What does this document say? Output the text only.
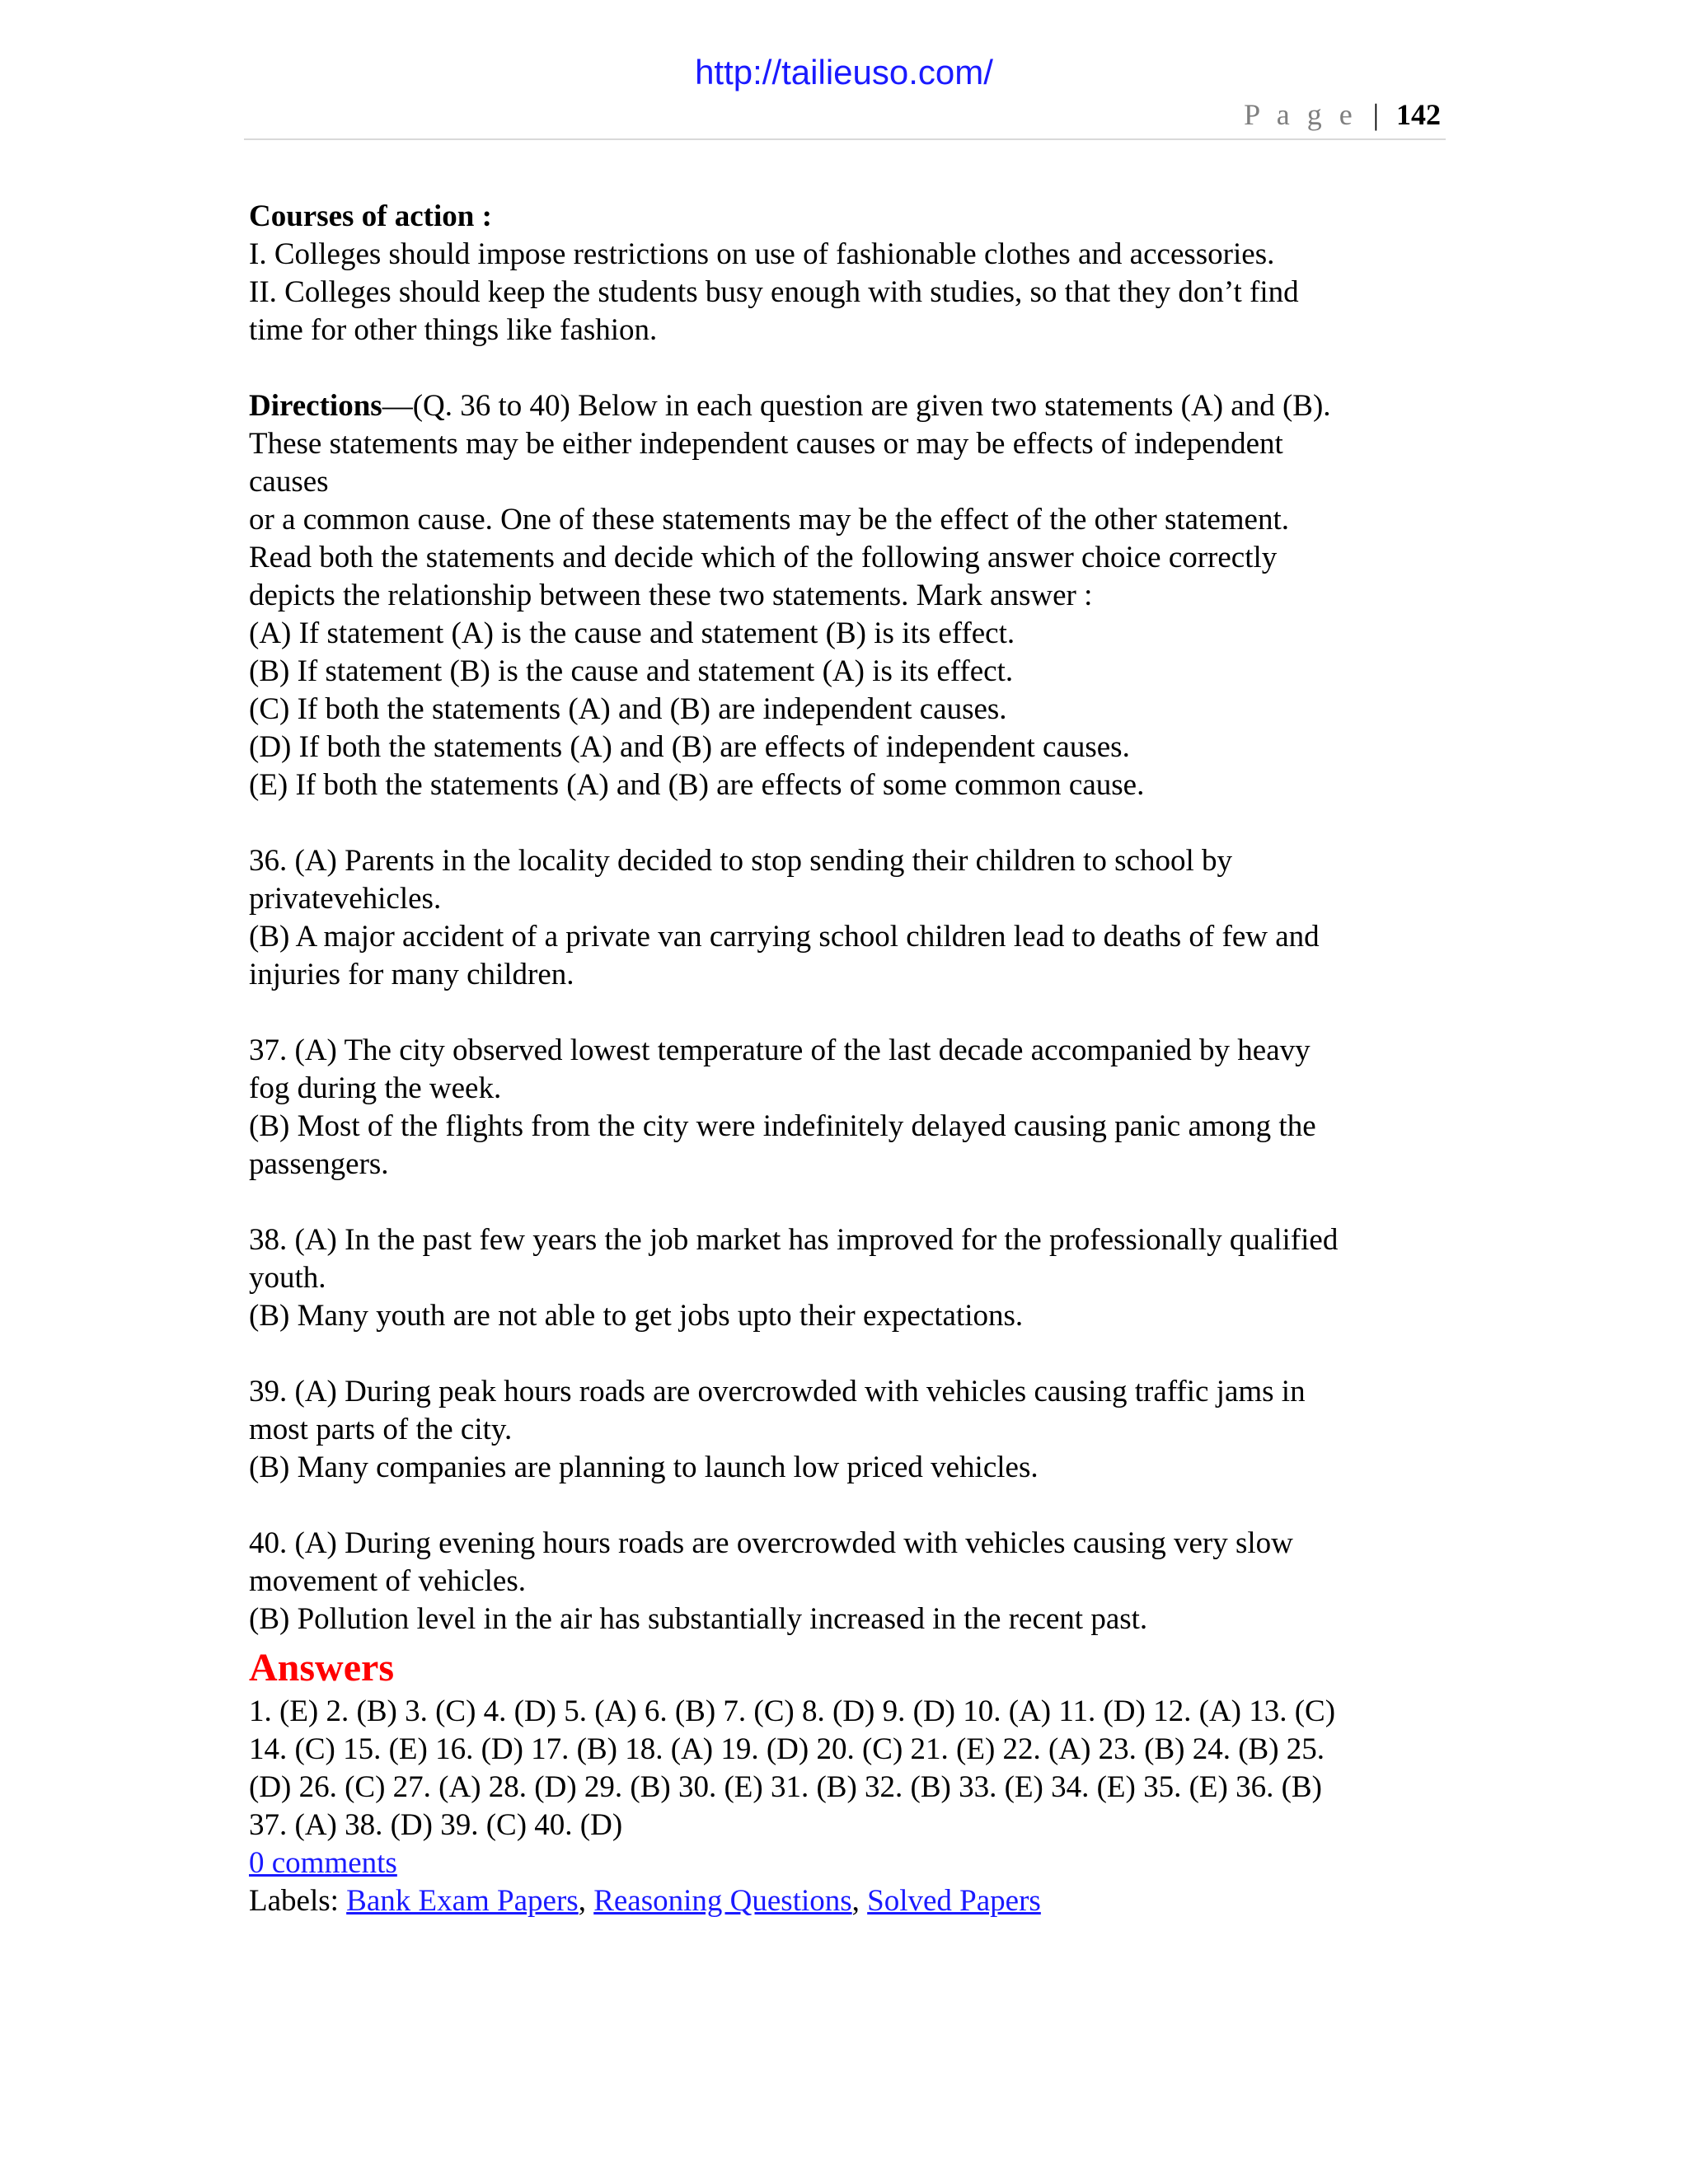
http://tailieuso.com/
P a g e | 142
Courses of action :
I. Colleges should impose restrictions on use of fashionable clothes and accessories.
II. Colleges should keep the students busy enough with studies, so that they don’t find
time for other things like fashion.
Directions—(Q. 36 to 40) Below in each question are given two statements (A) and (B).
These statements may be either independent causes or may be effects of independent
causes
or a common cause. One of these statements may be the effect of the other statement.
Read both the statements and decide which of the following answer choice correctly
depicts the relationship between these two statements. Mark answer :
(A) If statement (A) is the cause and statement (B) is its effect.
(B) If statement (B) is the cause and statement (A) is its effect.
(C) If both the statements (A) and (B) are independent causes.
(D) If both the statements (A) and (B) are effects of independent causes.
(E) If both the statements (A) and (B) are effects of some common cause.
36. (A) Parents in the locality decided to stop sending their children to school by
privatevehicles.
(B) A major accident of a private van carrying school children lead to deaths of few and
injuries for many children.
37. (A) The city observed lowest temperature of the last decade accompanied by heavy
fog during the week.
(B) Most of the flights from the city were indefinitely delayed causing panic among the
passengers.
38. (A) In the past few years the job market has improved for the professionally qualified
youth.
(B) Many youth are not able to get jobs upto their expectations.
39. (A) During peak hours roads are overcrowded with vehicles causing traffic jams in
most parts of the city.
(B) Many companies are planning to launch low priced vehicles.
40. (A) During evening hours roads are overcrowded with vehicles causing very slow
movement of vehicles.
(B) Pollution level in the air has substantially increased in the recent past.
Answers
1. (E) 2. (B) 3. (C) 4. (D) 5. (A) 6. (B) 7. (C) 8. (D) 9. (D) 10. (A) 11. (D) 12. (A) 13. (C)
14. (C) 15. (E) 16. (D) 17. (B) 18. (A) 19. (D) 20. (C) 21. (E) 22. (A) 23. (B) 24. (B) 25.
(D) 26. (C) 27. (A) 28. (D) 29. (B) 30. (E) 31. (B) 32. (B) 33. (E) 34. (E) 35. (E) 36. (B)
37. (A) 38. (D) 39. (C) 40. (D)
0 comments
Labels: Bank Exam Papers, Reasoning Questions, Solved Papers
